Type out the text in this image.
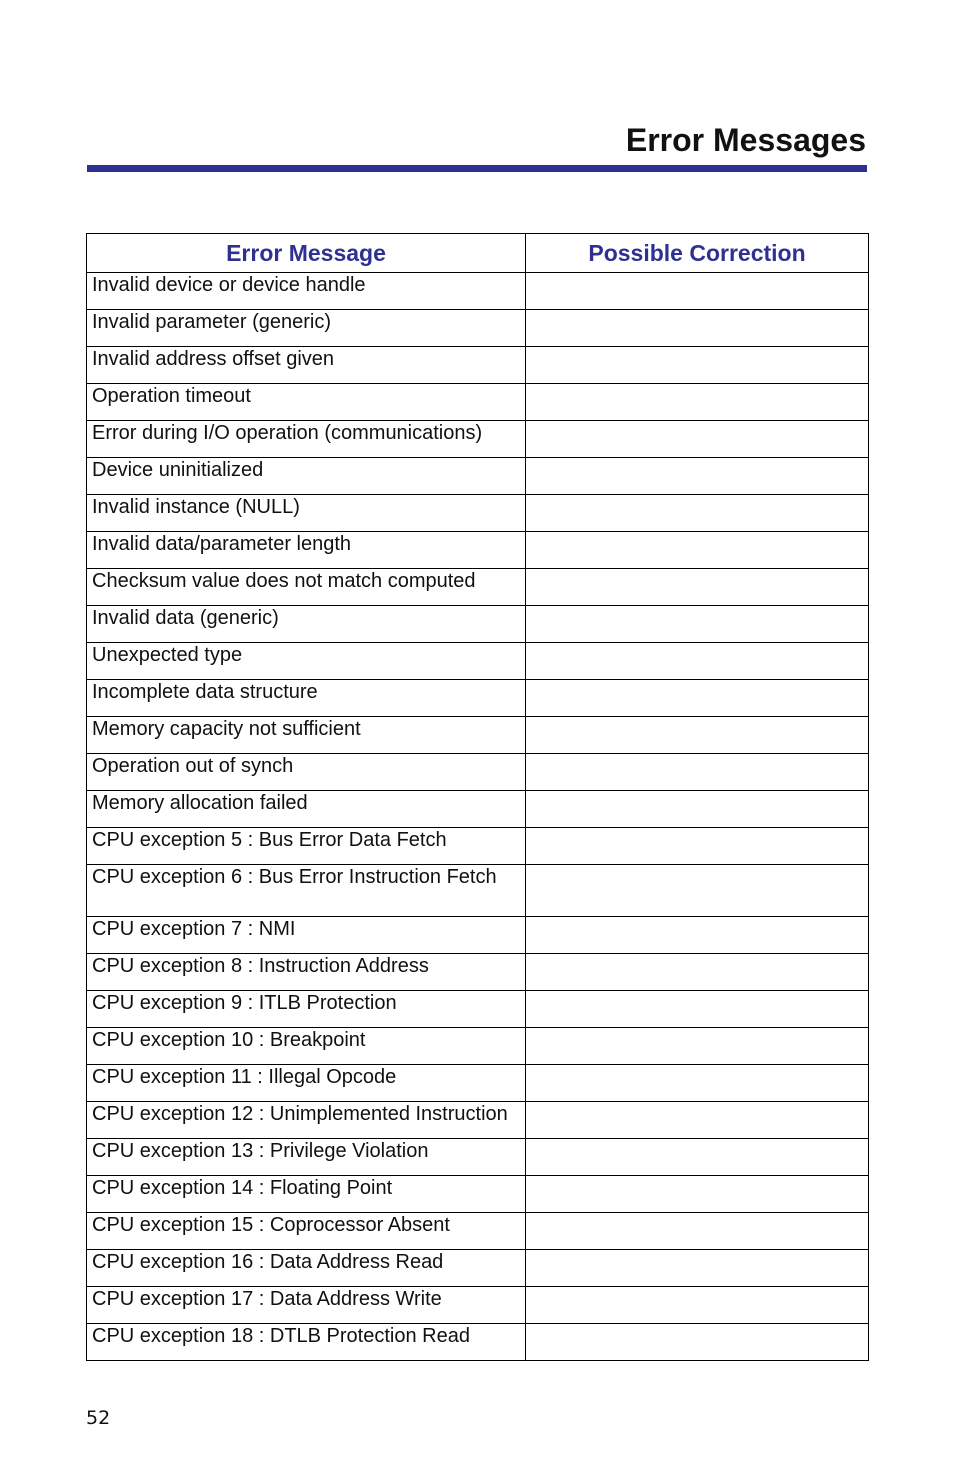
Error Messages
Error Message	Possible Correction
Invalid device or device handle	
Invalid parameter (generic)	
Invalid address offset given	
Operation timeout	
Error during I/O operation (communications)	
Device uninitialized	
Invalid instance (NULL)	
Invalid data/parameter length	
Checksum value does not match computed	
Invalid data (generic)	
Unexpected type	
Incomplete data structure	
Memory capacity not sufficient	
Operation out of synch	
Memory allocation failed	
CPU exception 5 : Bus Error Data Fetch	
CPU exception 6 : Bus Error Instruction Fetch	
CPU exception 7 : NMI	
CPU exception 8 : Instruction Address	
CPU exception 9 : ITLB Protection	
CPU exception 10 : Breakpoint	
CPU exception 11 : Illegal Opcode	
CPU exception 12 : Unimplemented Instruction	
CPU exception 13 : Privilege Violation	
CPU exception 14 : Floating Point	
CPU exception 15 : Coprocessor Absent	
CPU exception 16 : Data Address Read	
CPU exception 17 : Data Address Write	
CPU exception 18 : DTLB Protection Read	
52
